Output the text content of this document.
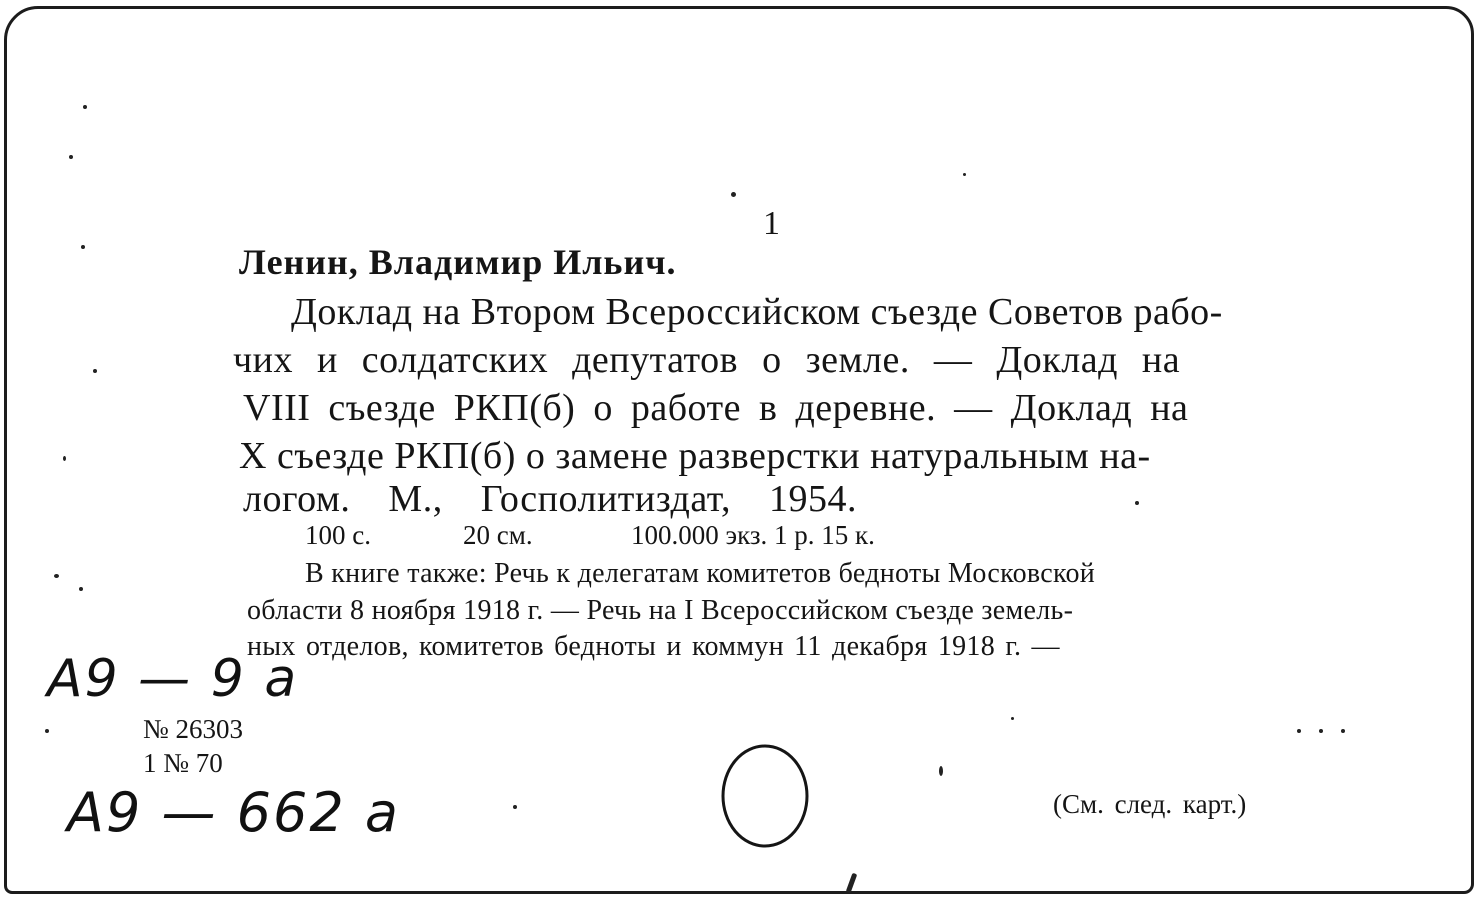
1
Ленин, Владимир Ильич.
Доклад на Втором Всероссийском съезде Советов рабо-
чих и солдатских депутатов о земле. — Доклад на
VIII съезде РКП(б) о работе в деревне. — Доклад на
X съезде РКП(б) о замене разверстки натуральным на-
логом. М., Госполитиздат, 1954.
100 с.	20 см.	100.000 экз. 1 р. 15 к.
В книге также: Речь к делегатам комитетов бедноты Московской
области 8 ноября 1918 г. — Речь на I Всероссийском съезде земель-
ных отделов, комитетов бедноты и коммун 11 декабря 1918 г. —
А9 — 9 а
№ 26303
1 № 70
А9 — 662 а	(См. след. карт.)
